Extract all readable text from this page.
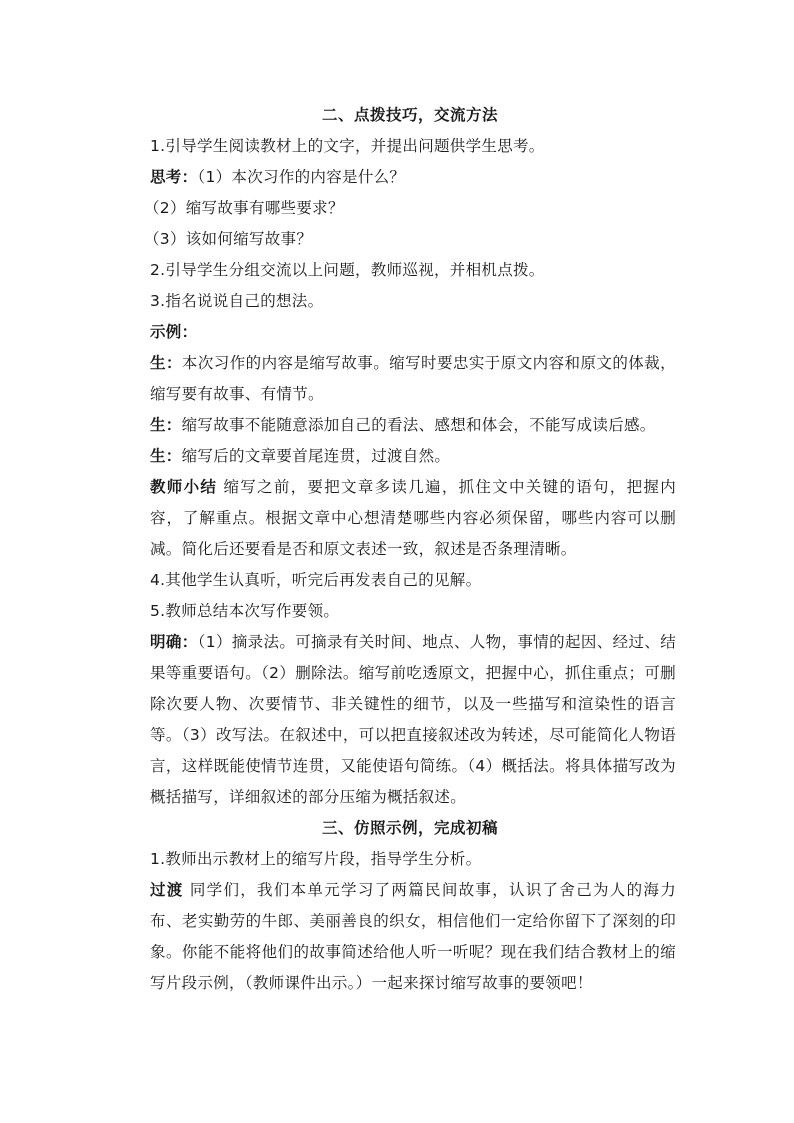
二、点拨技巧，交流方法

1.引导学生阅读教材上的文字，并提出问题供学生思考。

思考：（1）本次习作的内容是什么？

（2）缩写故事有哪些要求？

（3）该如何缩写故事？

2.引导学生分组交流以上问题，教师巡视，并相机点拨。

3.指名说说自己的想法。

示例：

生：本次习作的内容是缩写故事。缩写时要忠实于原文内容和原文的体裁，缩写要有故事、有情节。

生：缩写故事不能随意添加自己的看法、感想和体会，不能写成读后感。

生：缩写后的文章要首尾连贯，过渡自然。

教师小结 缩写之前，要把文章多读几遍，抓住文中关键的语句，把握内容，了解重点。根据文章中心想清楚哪些内容必须保留，哪些内容可以删减。简化后还要看是否和原文表述一致，叙述是否条理清晰。

4.其他学生认真听，听完后再发表自己的见解。

5.教师总结本次写作要领。

明确：（1）摘录法。可摘录有关时间、地点、人物，事情的起因、经过、结果等重要语句。（2）删除法。缩写前吃透原文，把握中心，抓住重点；可删除次要人物、次要情节、非关键性的细节，以及一些描写和渲染性的语言等。（3）改写法。在叙述中，可以把直接叙述改为转述，尽可能简化人物语言，这样既能使情节连贯，又能使语句简练。（4）概括法。将具体描写改为概括描写，详细叙述的部分压缩为概括叙述。

三、仿照示例，完成初稿

1.教师出示教材上的缩写片段，指导学生分析。

过渡 同学们，我们本单元学习了两篇民间故事，认识了舍己为人的海力布、老实勤劳的牛郎、美丽善良的织女，相信他们一定给你留下了深刻的印象。你能不能将他们的故事简述给他人听一听呢？现在我们结合教材上的缩写片段示例，（教师课件出示。）一起来探讨缩写故事的要领吧！
